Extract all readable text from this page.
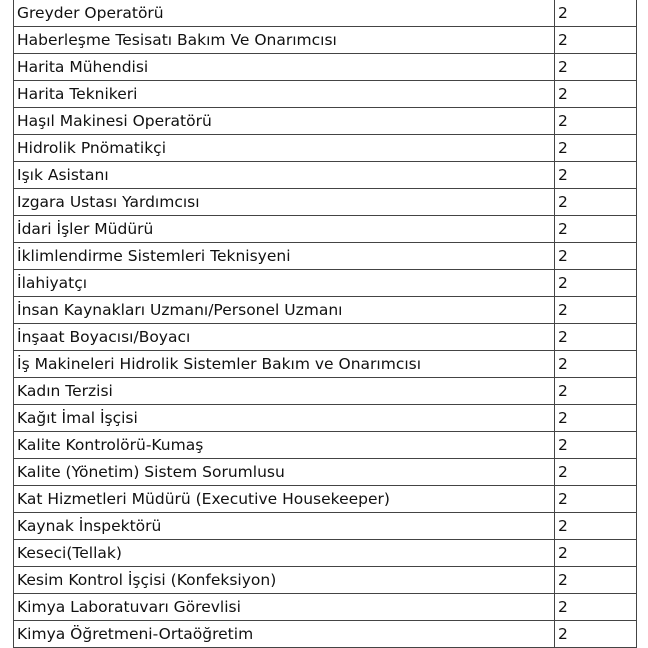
Greyder Operatörü	2
Haberleşme Tesisatı Bakım Ve Onarımcısı	2
Harita Mühendisi	2
Harita Teknikeri	2
Haşıl Makinesi Operatörü	2
Hidrolik Pnömatikçi	2
Işık Asistanı	2
Izgara Ustası Yardımcısı	2
İdari İşler Müdürü	2
İklimlendirme Sistemleri Teknisyeni	2
İlahiyatçı	2
İnsan Kaynakları Uzmanı/Personel Uzmanı	2
İnşaat Boyacısı/Boyacı	2
İş Makineleri Hidrolik Sistemler Bakım ve Onarımcısı	2
Kadın Terzisi	2
Kağıt İmal İşçisi	2
Kalite Kontrolörü-Kumaş	2
Kalite (Yönetim) Sistem Sorumlusu	2
Kat Hizmetleri Müdürü (Executive Housekeeper)	2
Kaynak İnspektörü	2
Keseci(Tellak)	2
Kesim Kontrol İşçisi (Konfeksiyon)	2
Kimya Laboratuvarı Görevlisi	2
Kimya Öğretmeni-Ortaöğretim	2
